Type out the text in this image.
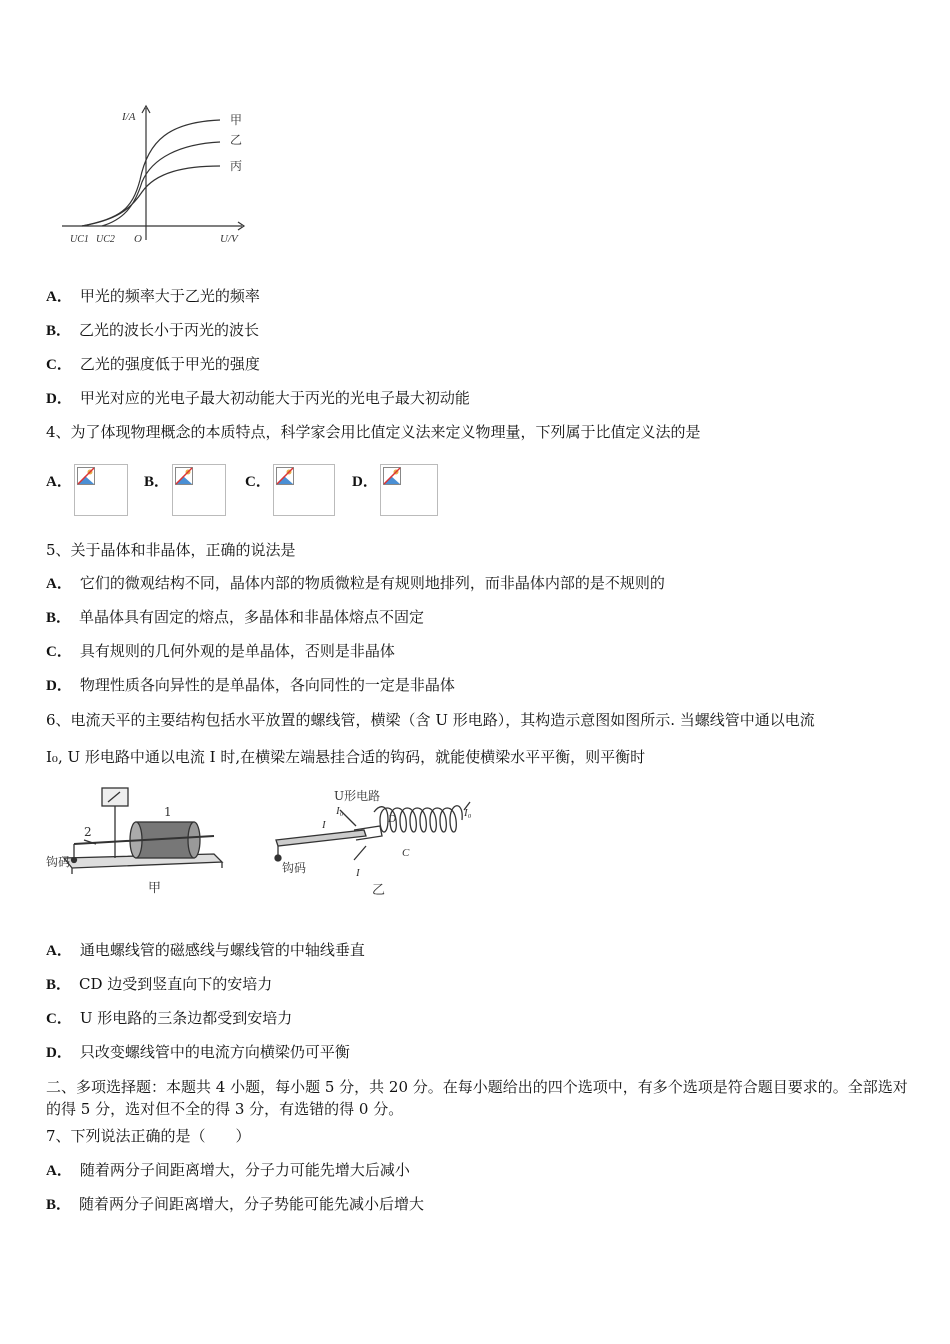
I/A
U/V
O
UC1 UC2
甲
乙
丙
A． 甲光的频率大于乙光的频率
B． 乙光的波长小于丙光的波长
C． 乙光的强度低于甲光的强度
D． 甲光对应的光电子最大初动能大于丙光的光电子最大初动能
4、为了体现物理概念的本质特点，科学家会用比值定义法来定义物理量，下列属于比值定义法的是
A．	B．	C．	D．
5、关于晶体和非晶体，正确的说法是
A． 它们的微观结构不同，晶体内部的物质微粒是有规则地排列，而非晶体内部的是不规则的
B． 单晶体具有固定的熔点，多晶体和非晶体熔点不固定
C． 具有规则的几何外观的是单晶体，否则是非晶体
D． 物理性质各向异性的是单晶体，各向同性的一定是非晶体
6、电流天平的主要结构包括水平放置的螺线管，横梁（含 U 形电路），其构造示意图如图所示. 当螺线管中通以电流
I₀, U 形电路中通以电流 I 时,在横梁左端悬挂合适的钩码，就能使横梁水平平衡，则平衡时
1
2
钩码
甲
U形电路
I₀	I₀
I
I
D
C
钩码
乙
A． 通电螺线管的磁感线与螺线管的中轴线垂直
B． CD 边受到竖直向下的安培力
C． U 形电路的三条边都受到安培力
D． 只改变螺线管中的电流方向横梁仍可平衡
二、多项选择题：本题共 4 小题，每小题 5 分，共 20 分。在每小题给出的四个选项中，有多个选项是符合题目要求的。全部选对的得 5 分，选对但不全的得 3 分，有选错的得 0 分。
7、下列说法正确的是（　　）
A． 随着两分子间距离增大，分子力可能先增大后减小
B． 随着两分子间距离增大，分子势能可能先减小后增大
